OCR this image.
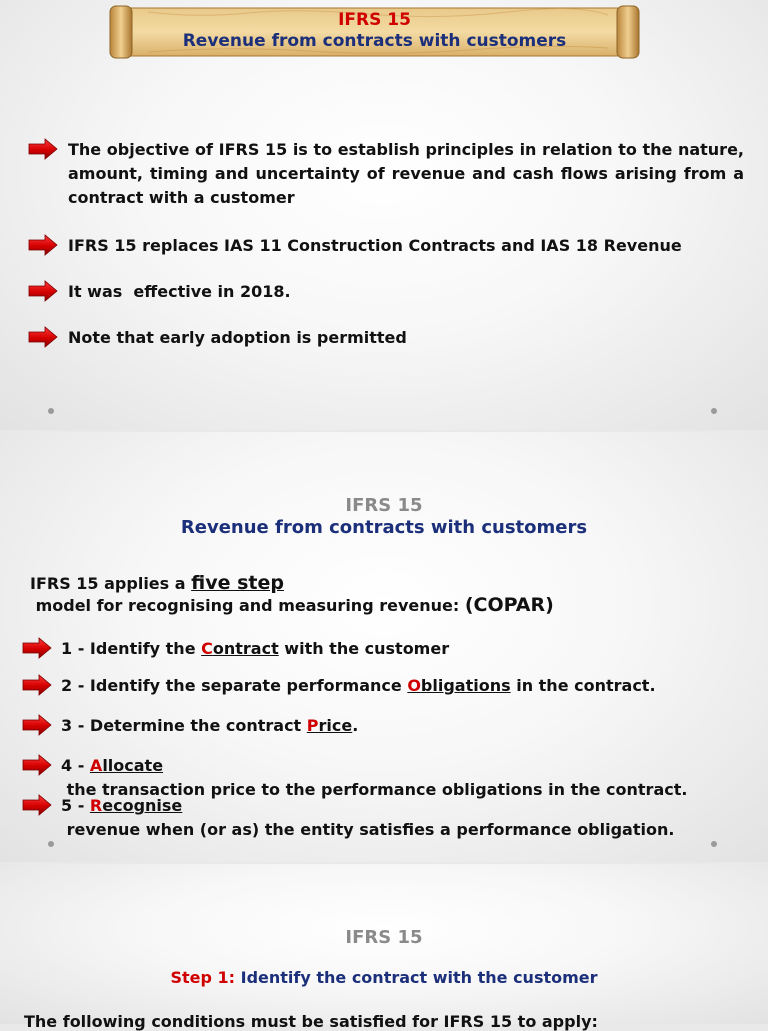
IFRS 15
Revenue from contracts with customers
The objective of IFRS 15 is to establish principles in relation to the nature, amount, timing and uncertainty of revenue and cash flows arising from a contract with a customer
IFRS 15 replaces IAS 11 Construction Contracts and IAS 18 Revenue
It was  effective in 2018.
Note that early adoption is permitted
IFRS 15
Revenue from contracts with customers
IFRS 15 applies a five step model for recognising and measuring revenue: (COPAR)
1 - Identify the Contract with the customer
2 - Identify the separate performance Obligations in the contract.
3 - Determine the contract Price.
4 - Allocate the transaction price to the performance obligations in the contract.
5 - Recognise revenue when (or as) the entity satisfies a performance obligation.
IFRS 15
Step 1: Identify the contract with the customer
The following conditions must be satisfied for IFRS 15 to apply:
